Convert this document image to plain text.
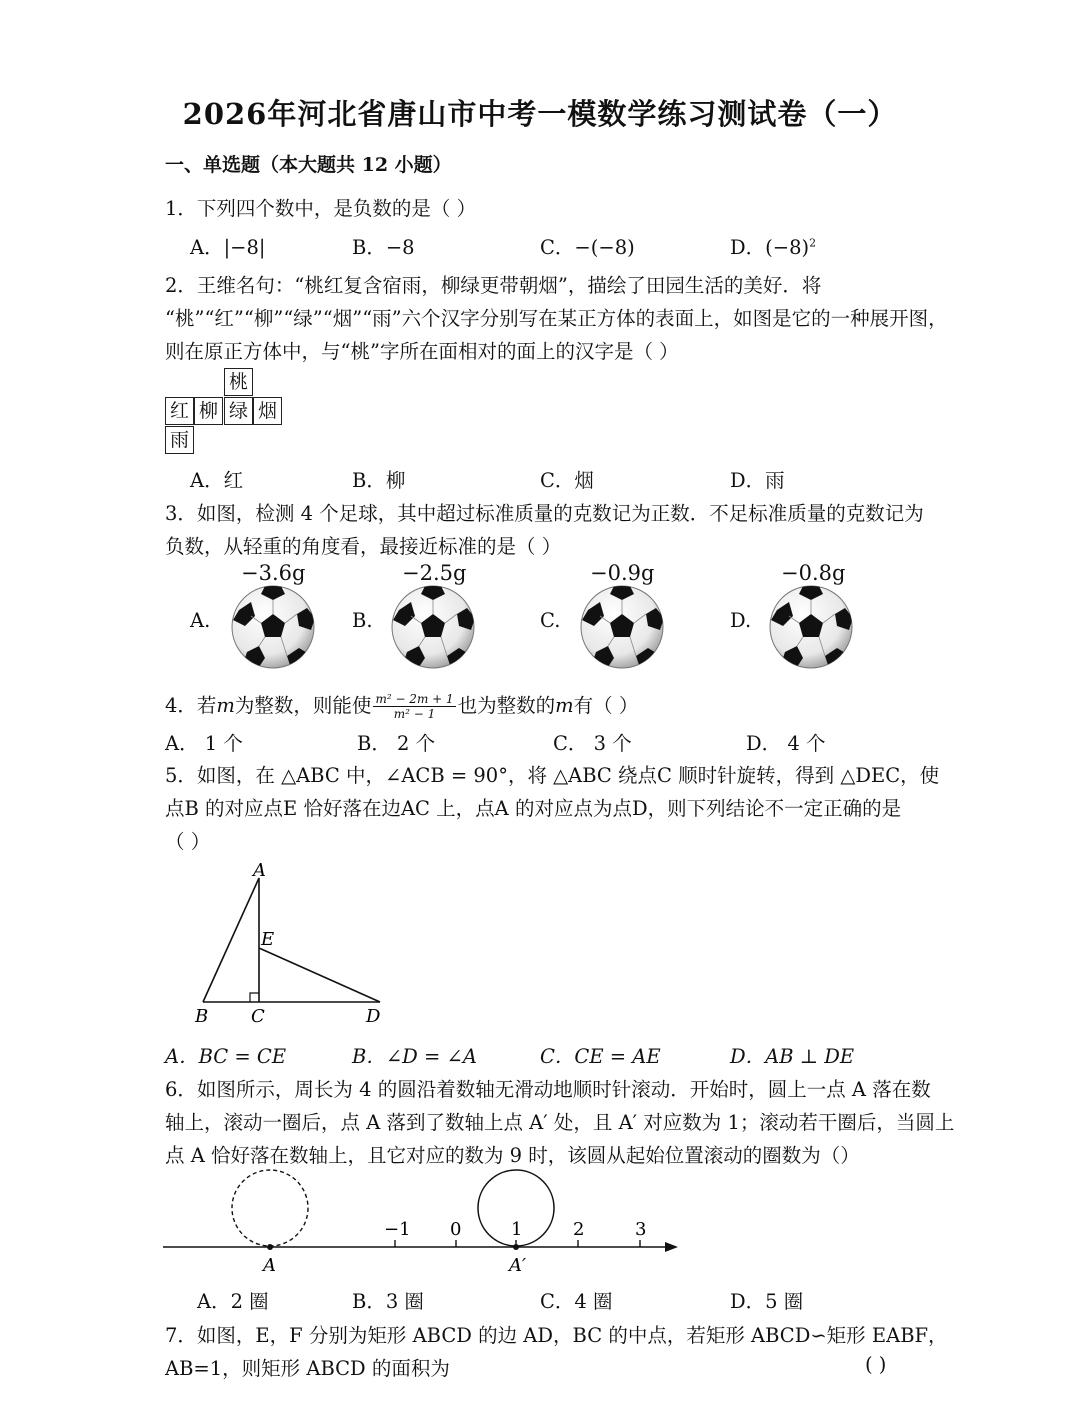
2026年河北省唐山市中考一模数学练习测试卷（一）
一、单选题（本大题共 12 小题）
1．下列四个数中，是负数的是（ ）
A．|−8|	B．−8	C．−(−8)	D．$(-8)^2$
2．王维名句：“桃红复含宿雨，柳绿更带朝烟”，描绘了田园生活的美好．将
“桃”“红”“柳”“绿”“烟”“雨”六个汉字分别写在某正方体的表面上，如图是它的一种展开图，
则在原正方体中，与“桃”字所在面相对的面上的汉字是（ ）
桃
红 柳 绿 烟
雨
A．红	B．柳	C．烟	D．雨
3．如图，检测 4 个足球，其中超过标准质量的克数记为正数．不足标准质量的克数记为
负数，从轻重的角度看，最接近标准的是（ ）
A.	B.	C.	D.
−3.6g	−2.5g	−0.9g	−0.8g
4．若m为整数，则能使 $\frac{\text{m² − 2m + 1}}{\text{m² − 1}}$ 也为整数的m有（ ）
A． 1 个	B． 2 个	C． 3 个	D． 4 个
5．如图，在 △ABC 中，∠ACB = 90°，将 △ABC 绕点C 顺时针旋转，得到 △DEC，使
点B 的对应点E 恰好落在边AC 上，点A 的对应点为点D，则下列结论不一定正确的是
（ ）
A
E
B C	D
A．BC = CE	B．∠D = ∠A	C．CE = AE	D．AB ⊥ DE
6．如图所示，周长为 4 的圆沿着数轴无滑动地顺时针滚动．开始时，圆上一点 A 落在数
轴上，滚动一圈后，点 A 落到了数轴上点 A′ 处，且 A′ 对应数为 1；滚动若干圈后，当圆上
点 A 恰好落在数轴上，且它对应的数为 9 时，该圆从起始位置滚动的圈数为（）
−1 0	1	2	3
A	A′
A．2 圈	B．3 圈	C．4 圈	D．5 圈
7．如图，E，F 分别为矩形 ABCD 的边 AD，BC 的中点，若矩形 ABCD∽矩形 EABF，
AB=1，则矩形 ABCD 的面积为	( )
